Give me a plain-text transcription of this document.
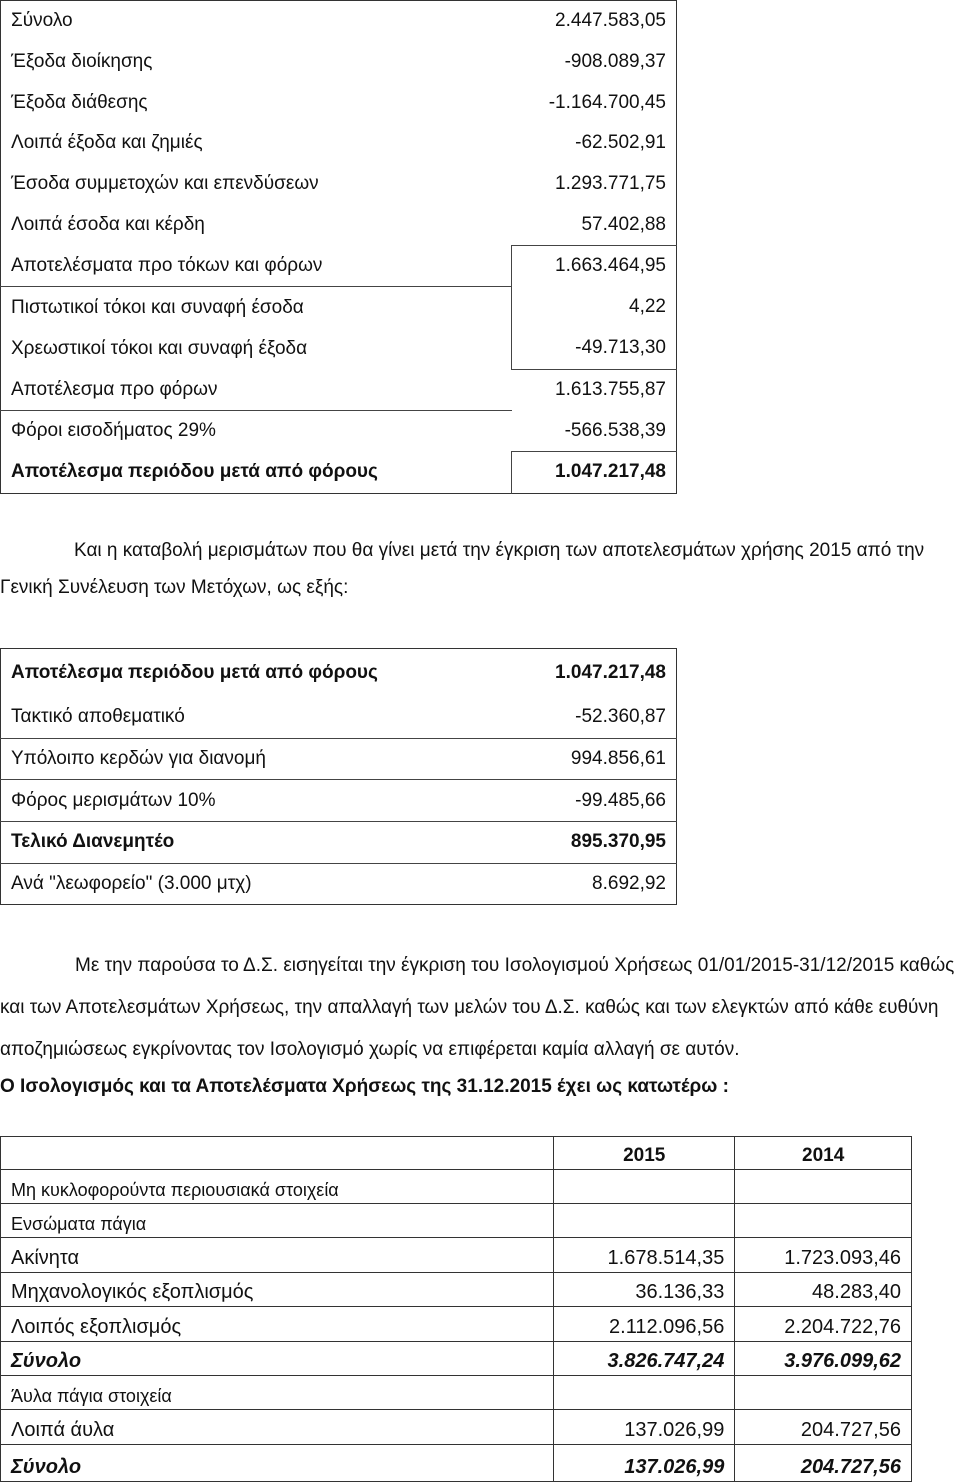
Σύνολο	2.447.583,05
Έξοδα διοίκησης	-908.089,37
Έξοδα διάθεσης	-1.164.700,45
Λοιπά έξοδα και ζημιές	-62.502,91
Έσοδα συμμετοχών και επενδύσεων	1.293.771,75
Λοιπά έσοδα και κέρδη	57.402,88
Αποτελέσματα προ τόκων και φόρων	1.663.464,95
Πιστωτικοί τόκοι και συναφή έσοδα	4,22
Χρεωστικοί τόκοι και συναφή έξοδα	-49.713,30
Αποτέλεσμα προ φόρων	1.613.755,87
Φόροι εισοδήματος 29%	-566.538,39
Αποτέλεσμα περιόδου μετά από φόρους	1.047.217,48

Και η καταβολή μερισμάτων που θα γίνει μετά την έγκριση των αποτελεσμάτων χρήσης 2015 από την Γενική Συνέλευση των Μετόχων, ως εξής:

Αποτέλεσμα περιόδου μετά από φόρους	1.047.217,48
Τακτικό αποθεματικό	-52.360,87
Υπόλοιπο κερδών για διανομή	994.856,61
Φόρος μερισμάτων 10%	-99.485,66
Τελικό Διανεμητέο	895.370,95
Ανά "λεωφορείο" (3.000 μτχ)	8.692,92

Με την παρούσα το Δ.Σ. εισηγείται την έγκριση του Ισολογισμού Χρήσεως 01/01/2015-31/12/2015 καθώς και των Αποτελεσμάτων Χρήσεως, την απαλλαγή των μελών του Δ.Σ. καθώς και των ελεγκτών από κάθε ευθύνη αποζημιώσεως εγκρίνοντας τον Ισολογισμό χωρίς να επιφέρεται καμία αλλαγή σε αυτόν.

Ο Ισολογισμός και τα Αποτελέσματα Χρήσεως της 31.12.2015 έχει ως κατωτέρω :

	2015	2014
Μη κυκλοφορούντα περιουσιακά στοιχεία		
Ενσώματα πάγια		
Ακίνητα	1.678.514,35	1.723.093,46
Μηχανολογικός εξοπλισμός	36.136,33	48.283,40
Λοιπός εξοπλισμός	2.112.096,56	2.204.722,76
Σύνολο	3.826.747,24	3.976.099,62
Άυλα πάγια στοιχεία		
Λοιπά άυλα	137.026,99	204.727,56
Σύνολο	137.026,99	204.727,56
